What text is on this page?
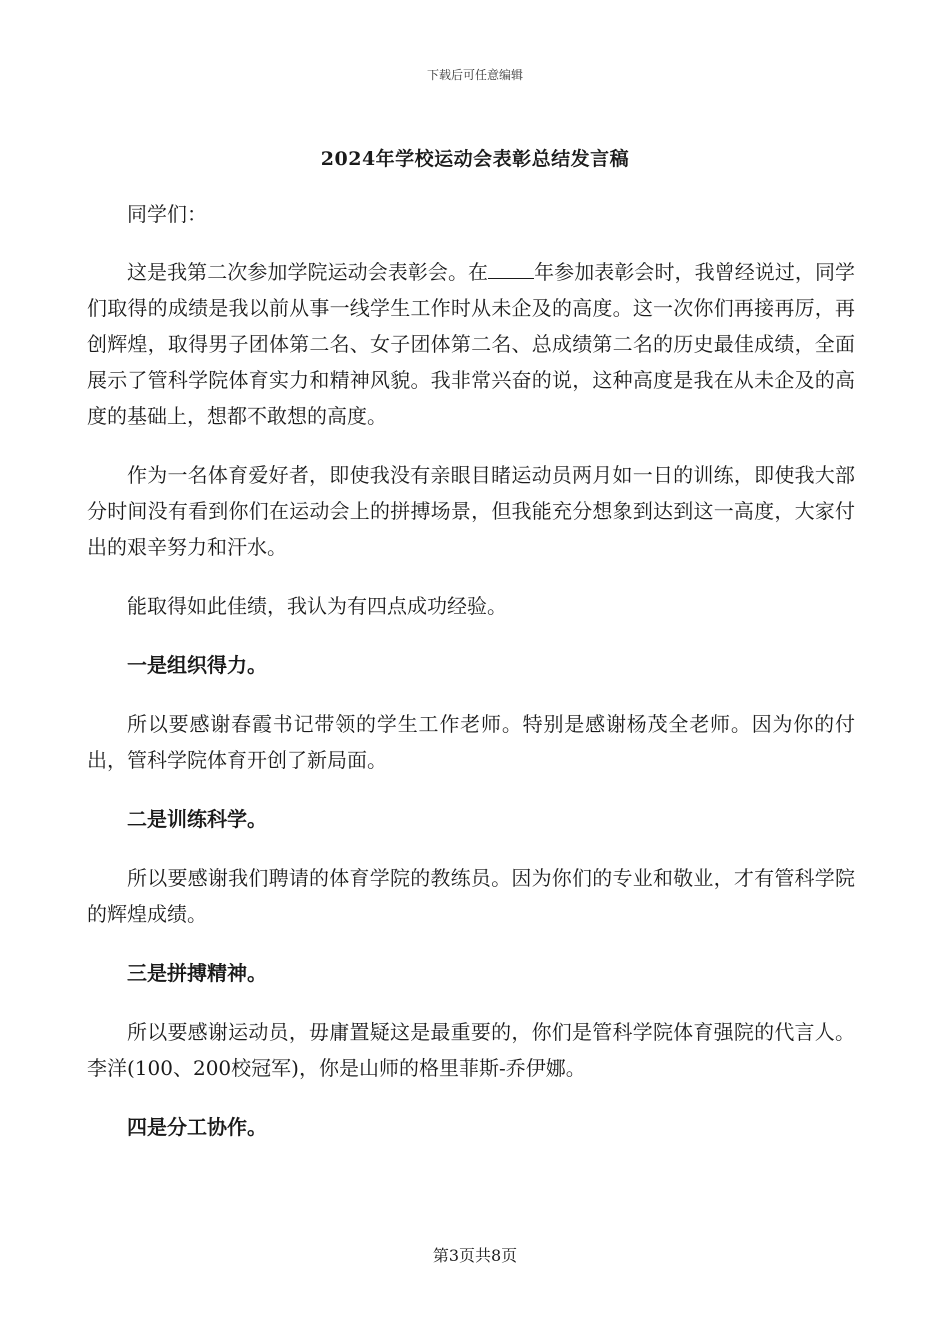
下载后可任意编辑
2024年学校运动会表彰总结发言稿

同学们：

这是我第二次参加学院运动会表彰会。在 年参加表彰会时，我曾经说过，同学们取得的成绩是我以前从事一线学生工作时从未企及的高度。这一次你们再接再厉，再创辉煌，取得男子团体第二名、女子团体第二名、总成绩第二名的历史最佳成绩，全面展示了管科学院体育实力和精神风貌。我非常兴奋的说，这种高度是我在从未企及的高度的基础上，想都不敢想的高度。

作为一名体育爱好者，即使我没有亲眼目睹运动员两月如一日的训练，即使我大部分时间没有看到你们在运动会上的拼搏场景，但我能充分想象到达到这一高度，大家付出的艰辛努力和汗水。

能取得如此佳绩，我认为有四点成功经验。

一是组织得力。

所以要感谢春霞书记带领的学生工作老师。特别是感谢杨茂全老师。因为你的付出，管科学院体育开创了新局面。

二是训练科学。

所以要感谢我们聘请的体育学院的教练员。因为你们的专业和敬业，才有管科学院的辉煌成绩。

三是拼搏精神。

所以要感谢运动员，毋庸置疑这是最重要的，你们是管科学院体育强院的代言人。李洋(100、200校冠军)，你是山师的格里菲斯-乔伊娜。

四是分工协作。

第3页共8页
